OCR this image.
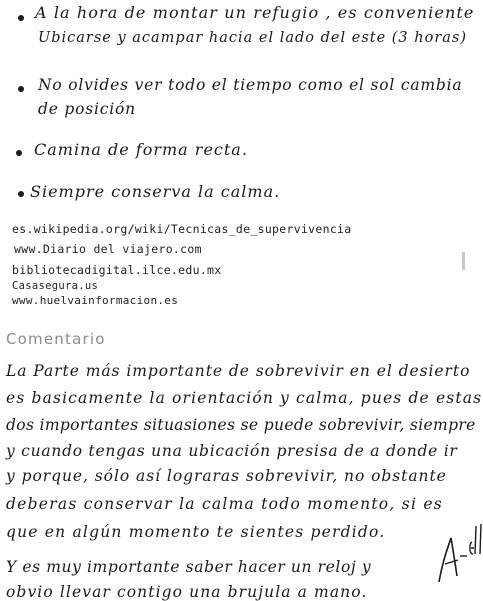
A la hora de montar un refugio , es conveniente
Ubicarse y acampar hacia el lado del este (3 horas)
No olvides ver todo el tiempo como el sol cambia
de posición
Camina de forma recta.
Siempre conserva la calma.
es.wikipedia.org/wiki/Tecnicas_de_supervivencia
www.Diario del viajero.com
bibliotecadigital.ilce.edu.mx
Casasegura.us
www.huelvainformacion.es
Comentario
La Parte más importante de sobrevivir en el desierto
es basicamente la orientación y calma, pues de estas
dos importantes situasiones se puede sobrevivir, siempre
y cuando tengas una ubicación presisa de a donde ir
y porque, sólo así lograras sobrevivir, no obstante
deberas conservar la calma todo momento, si es
que en algún momento te sientes perdido.
Y es muy importante saber hacer un reloj y
obvio llevar contigo una brujula a mano.
